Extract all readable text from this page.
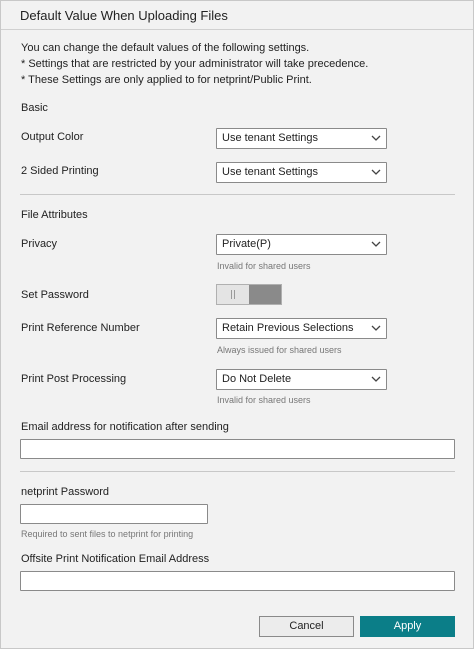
Default Value When Uploading Files
You can change the default values of the following settings.
* Settings that are restricted by your administrator will take precedence.
* These Settings are only applied to for netprint/Public Print.
Basic
Output Color	Use tenant Settings
2 Sided Printing	Use tenant Settings
File Attributes
Privacy	Private(P)
Invalid for shared users
Set Password
Print Reference Number	Retain Previous Selections
Always issued for shared users
Print Post Processing	Do Not Delete
Invalid for shared users
Email address for notification after sending
netprint Password
Required to sent files to netprint for printing
Offsite Print Notification Email Address
Cancel	Apply
